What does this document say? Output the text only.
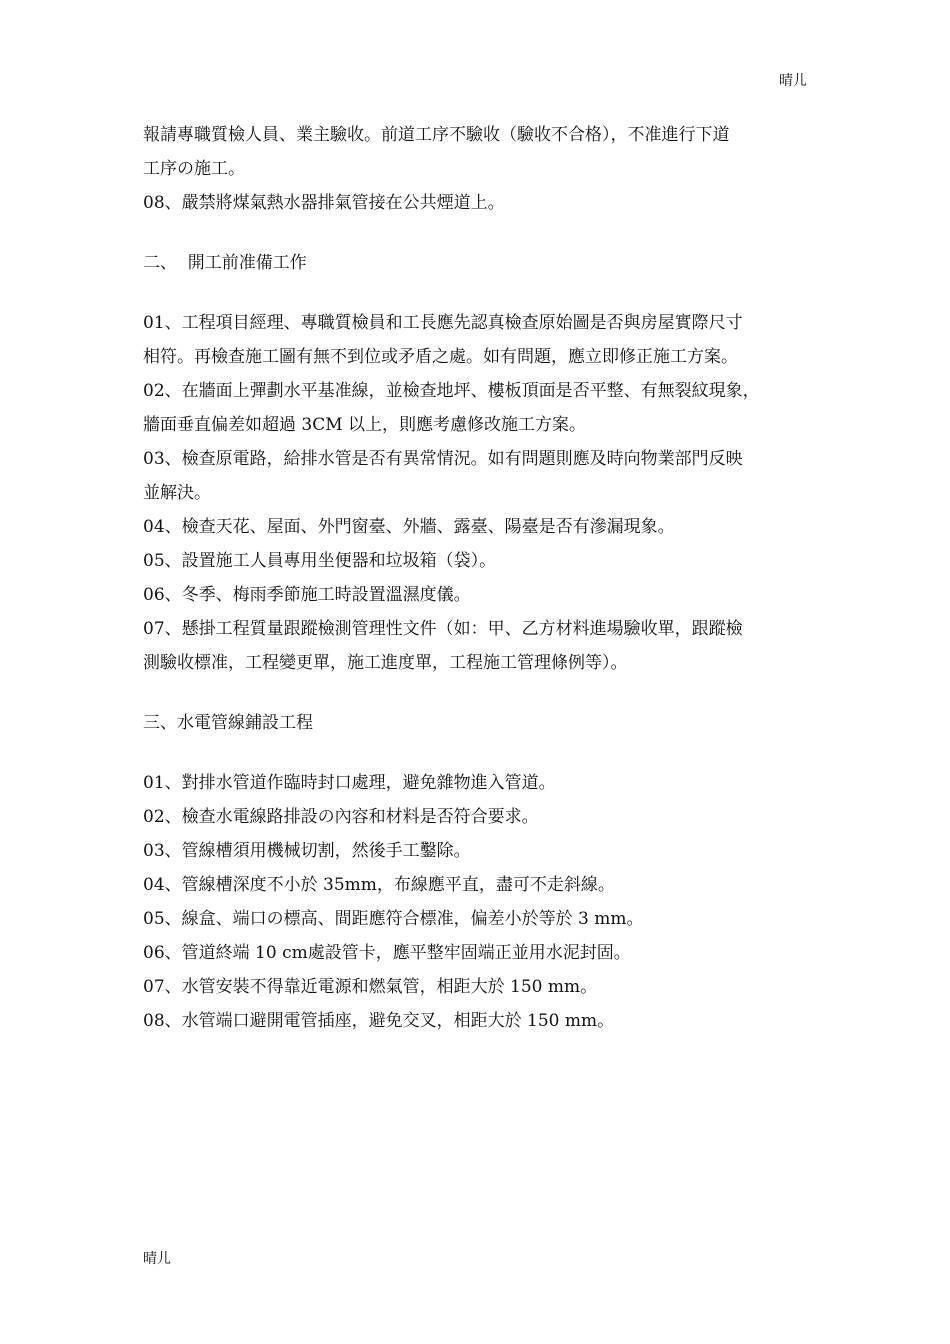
晴儿

報請專職質檢人員、業主驗收。前道工序不驗收（驗收不合格），不准進行下道

工序の施工。

08、嚴禁將煤氣熱水器排氣管接在公共煙道上。

二、  開工前准備工作

01、工程項目經理、專職質檢員和工長應先認真檢查原始圖是否與房屋實際尺寸

相符。再檢查施工圖有無不到位或矛盾之處。如有問題，應立即修正施工方案。

02、在牆面上彈劃水平基准線，並檢查地坪、樓板頂面是否平整、有無裂紋現象，

牆面垂直偏差如超過 3CM 以上，則應考慮修改施工方案。

03、檢查原電路，給排水管是否有異常情況。如有問題則應及時向物業部門反映

並解決。

04、檢查天花、屋面、外門窗臺、外牆、露臺、陽臺是否有滲漏現象。

05、設置施工人員專用坐便器和垃圾箱（袋）。

06、冬季、梅雨季節施工時設置溫濕度儀。

07、懸掛工程質量跟蹤檢測管理性文件（如：甲、乙方材料進場驗收單，跟蹤檢

測驗收標准，工程變更單，施工進度單，工程施工管理條例等）。

三、水電管線鋪設工程

01、對排水管道作臨時封口處理，避免雜物進入管道。

02、檢查水電線路排設の內容和材料是否符合要求。

03、管線槽須用機械切割，然後手工鑿除。

04、管線槽深度不小於 35mm，布線應平直，盡可不走斜線。

05、線盒、端口の標高、間距應符合標准，偏差小於等於 3 mm。

06、管道終端 10 cm處設管卡，應平整牢固端正並用水泥封固。

07、水管安裝不得靠近電源和燃氣管，相距大於 150 mm。

08、水管端口避開電管插座，避免交叉，相距大於 150 mm。

晴儿
